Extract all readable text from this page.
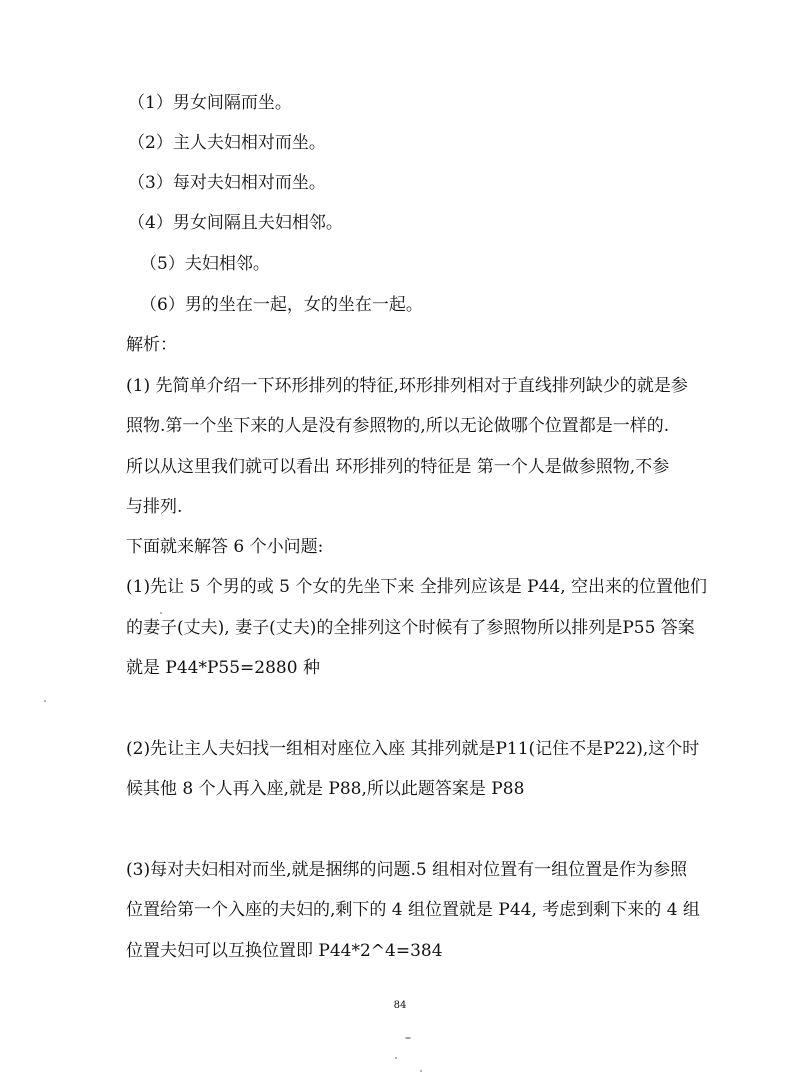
（1）男女间隔而坐。
（2）主人夫妇相对而坐。
（3）每对夫妇相对而坐。
（4）男女间隔且夫妇相邻。
（5）夫妇相邻。
（6）男的坐在一起，女的坐在一起。
解析：
(1) 先简单介绍一下环形排列的特征,环形排列相对于直线排列缺少的就是参
照物.第一个坐下来的人是没有参照物的,所以无论做哪个位置都是一样的.
所以从这里我们就可以看出 环形排列的特征是 第一个人是做参照物,不参
与排列.
下面就来解答 6 个小问题:
(1)先让 5 个男的或 5 个女的先坐下来 全排列应该是 P44, 空出来的位置他们
的妻子(丈夫), 妻子(丈夫)的全排列这个时候有了参照物所以排列是P55 答案
就是 P44*P55=2880 种
(2)先让主人夫妇找一组相对座位入座 其排列就是P11(记住不是P22),这个时
候其他 8 个人再入座,就是 P88,所以此题答案是 P88
(3)每对夫妇相对而坐,就是捆绑的问题.5 组相对位置有一组位置是作为参照
位置给第一个入座的夫妇的,剩下的 4 组位置就是 P44, 考虑到剩下来的 4 组
位置夫妇可以互换位置即 P44*2^4=384
84
